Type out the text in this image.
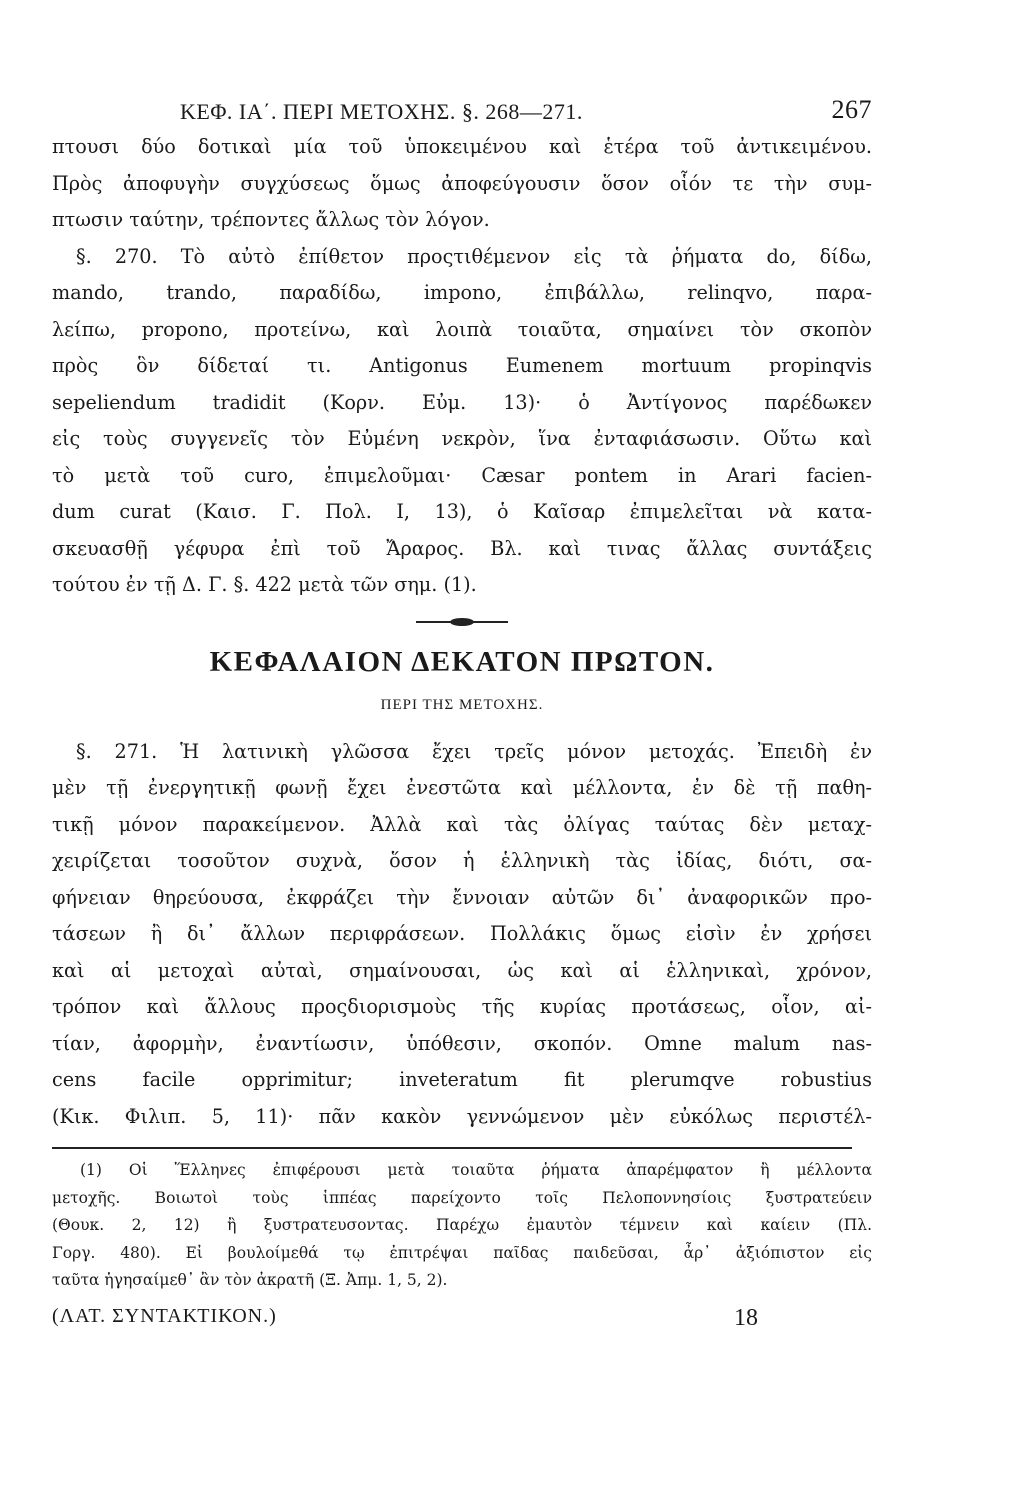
ΚΕΦ. ΙΑ΄. ΠΕΡΙ ΜΕΤΟΧΗΣ. §. 268—271.	267
πτουσι δύο δοτικαὶ μία τοῦ ὑποκειμένου καὶ ἑτέρα τοῦ ἀντικειμένου.
Πρὸς ἀποφυγὴν συγχύσεως ὅμως ἀποφεύγουσιν ὅσον οἷόν τε τὴν συμ-
πτωσιν ταύτην, τρέποντες ἄλλως τὸν λόγον.
§. 270. Τὸ αὐτὸ ἐπίθετον προςτιθέμενον εἰς τὰ ῥήματα do, δίδω,
mando, trando, παραδίδω, impono, ἐπιβάλλω, relinqvo, παρα-
λείπω, propono, προτείνω, καὶ λοιπὰ τοιαῦτα, σημαίνει τὸν σκοπὸν
πρὸς ὃν δίδεταί τι. Antigonus Eumenem mortuum propinqvis
sepeliendum tradidit (Κορν. Εὐμ. 13)· ὁ Ἀντίγονος παρέδωκεν
εἰς τοὺς συγγενεῖς τὸν Εὐμένη νεκρὸν, ἵνα ἐνταφιάσωσιν. Οὕτω καὶ
τὸ μετὰ τοῦ curo, ἐπιμελοῦμαι· Cæsar pontem in Arari facien-
dum curat (Καισ. Γ. Πολ. I, 13), ὁ Καῖσαρ ἐπιμελεῖται νὰ κατα-
σκευασθῇ γέφυρα ἐπὶ τοῦ Ἄραρος. Βλ. καὶ τινας ἄλλας συντάξεις
τούτου ἐν τῇ Δ. Γ. §. 422 μετὰ τῶν σημ. (1).
ΚΕΦΑΛΑΙΟΝ ΔΕΚΑΤΟΝ ΠΡΩΤΟΝ.
ΠΕΡΙ ΤΗΣ ΜΕΤΟΧΗΣ.
§. 271. Ἡ λατινικὴ γλῶσσα ἔχει τρεῖς μόνον μετοχάς. Ἐπειδὴ ἐν
μὲν τῇ ἐνεργητικῇ φωνῇ ἔχει ἐνεστῶτα καὶ μέλλοντα, ἐν δὲ τῇ παθη-
τικῇ μόνον παρακείμενον. Ἀλλὰ καὶ τὰς ὀλίγας ταύτας δὲν μεταχ-
χειρίζεται τοσοῦτον συχνὰ, ὅσον ἡ ἑλληνικὴ τὰς ἰδίας, διότι, σα-
φήνειαν θηρεύουσα, ἐκφράζει τὴν ἔννοιαν αὐτῶν δι᾿ ἀναφορικῶν προ-
τάσεων ἢ δι᾿ ἄλλων περιφράσεων. Πολλάκις ὅμως εἰσὶν ἐν χρήσει
καὶ αἱ μετοχαὶ αὐταὶ, σημαίνουσαι, ὡς καὶ αἱ ἑλληνικαὶ, χρόνον,
τρόπον καὶ ἄλλους προςδιορισμοὺς τῆς κυρίας προτάσεως, οἷον, αἰ-
τίαν, ἀφορμὴν, ἐναντίωσιν, ὑπόθεσιν, σκοπόν. Omne malum nas-
cens facile opprimitur; inveteratum fit plerumqve robustius
(Κικ. Φιλιπ. 5, 11)· πᾶν κακὸν γεννώμενον μὲν εὐκόλως περιστέλ-
(1) Οἱ Ἕλληνες ἐπιφέρουσι μετὰ τοιαῦτα ῥήματα ἀπαρέμφατον ἢ μέλλοντα
μετοχῆς. Βοιωτοὶ τοὺς ἱππέας παρείχοντο τοῖς Πελοποννησίοις ξυστρατεύειν
(Θουκ. 2, 12) ἢ ξυστρατευσοντας. Παρέχω ἐμαυτὸν τέμνειν καὶ καίειν (Πλ.
Γοργ. 480). Εἰ βουλοίμεθά τῳ ἐπιτρέψαι παῖδας παιδεῦσαι, ἆρ᾿ ἀξιόπιστον εἰς
ταῦτα ἡγησαίμεθ᾿ ἂν τὸν ἀκρατῆ (Ξ. Ἀπμ. 1, 5, 2).
(ΛΑΤ. ΣΥΝΤΑΚΤΙΚΟΝ.)	18
